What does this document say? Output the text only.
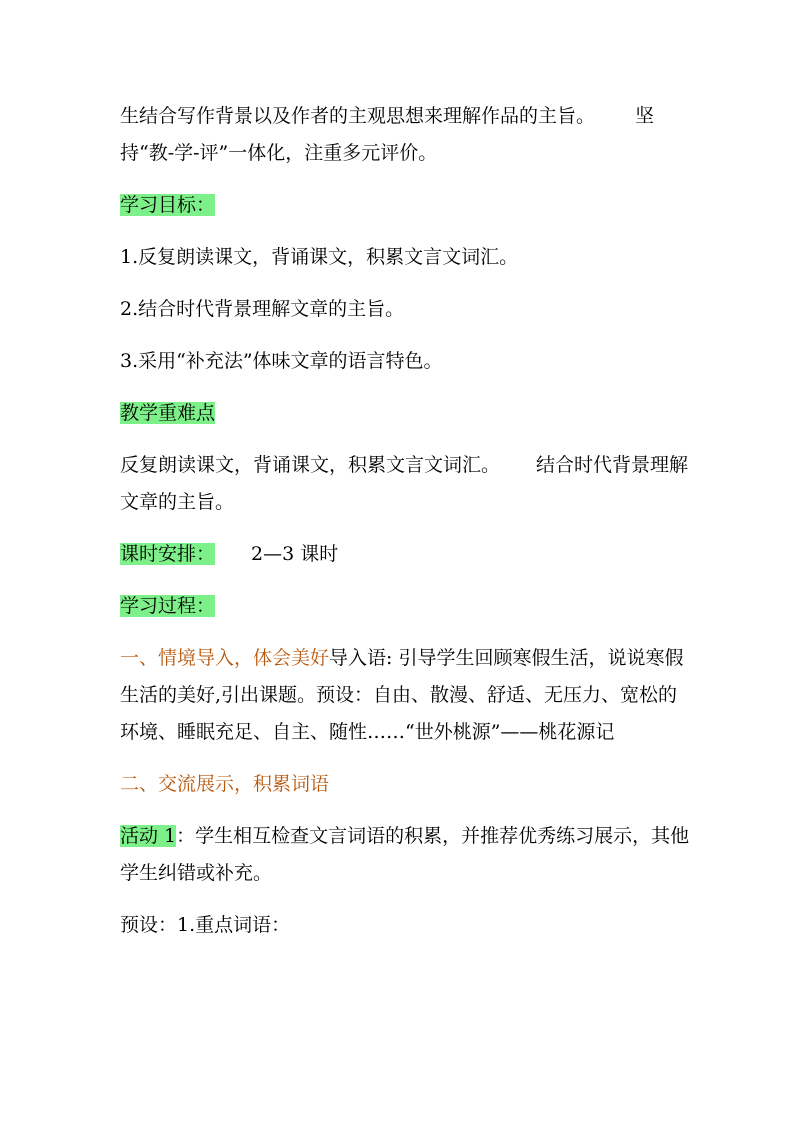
生结合写作背景以及作者的主观思想来理解作品的主旨。 坚持“教-学-评”一体化，注重多元评价。

学习目标：

1.反复朗读课文，背诵课文，积累文言文词汇。

2.结合时代背景理解文章的主旨。

3.采用“补充法”体味文章的语言特色。

教学重难点

反复朗读课文，背诵课文，积累文言文词汇。 结合时代背景理解文章的主旨。

课时安排： 2—3 课时

学习过程：

一、情境导入，体会美好导入语: 引导学生回顾寒假生活，说说寒假生活的美好,引出课题。预设：自由、散漫、舒适、无压力、宽松的环境、睡眠充足、自主、随性……“世外桃源”——桃花源记

二、交流展示，积累词语

活动 1：学生相互检查文言词语的积累，并推荐优秀练习展示，其他学生纠错或补充。

预设：1.重点词语：
